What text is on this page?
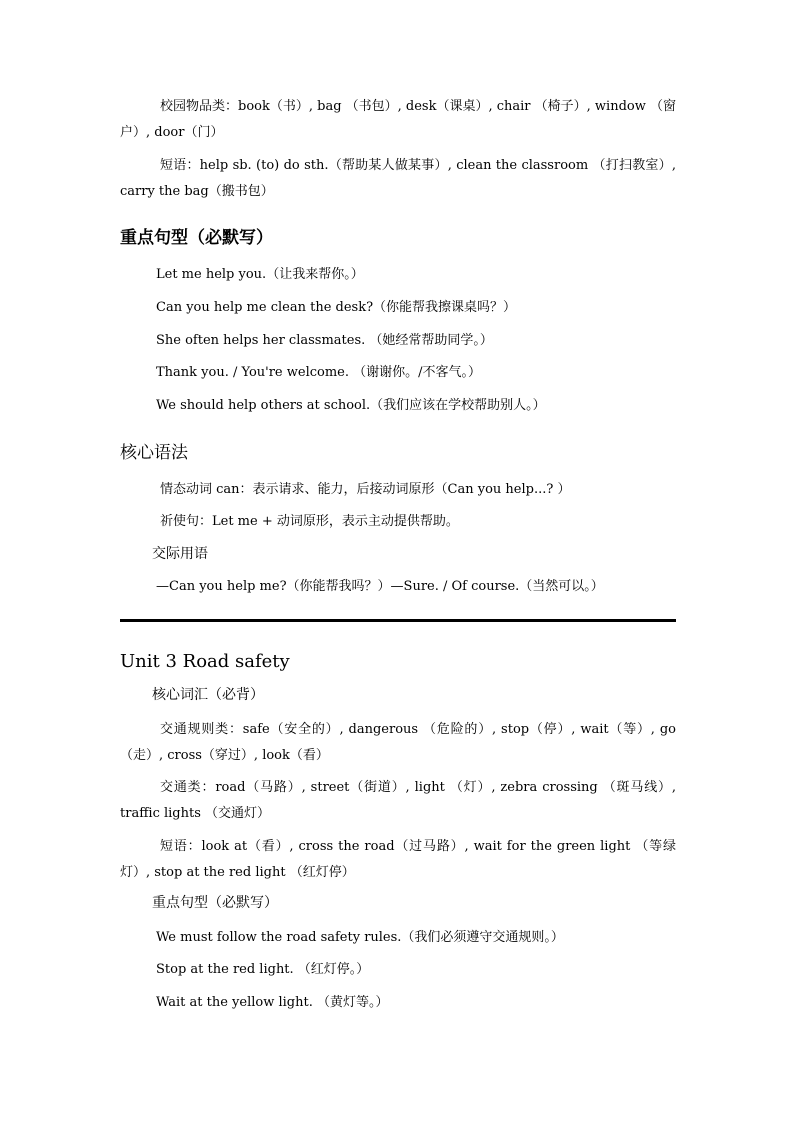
校园物品类：book（书）, bag （书包）, desk（课桌）, chair （椅子）, window （窗户）, door（门）
短语：help sb. (to) do sth.（帮助某人做某事）, clean the classroom （打扫教室）, carry the bag（搬书包）
重点句型（必默写）
Let me help you.（让我来帮你。）
Can you help me clean the desk?（你能帮我擦课桌吗？）
She often helps her classmates. （她经常帮助同学。）
Thank you. / You're welcome. （谢谢你。/不客气。）
We should help others at school.（我们应该在学校帮助别人。）
核心语法
情态动词 can：表示请求、能力，后接动词原形（Can you help...? ）
祈使句：Let me + 动词原形，表示主动提供帮助。
交际用语
—Can you help me?（你能帮我吗？）—Sure. / Of course.（当然可以。）
Unit 3 Road safety
核心词汇（必背）
交通规则类：safe（安全的）, dangerous （危险的）, stop（停）, wait（等）, go（走）, cross（穿过）, look（看）
交通类：road（马路）, street（街道）, light （灯）, zebra crossing （斑马线）, traffic lights （交通灯）
短语：look at（看）, cross the road（过马路）, wait for the green light （等绿灯）, stop at the red light （红灯停）
重点句型（必默写）
We must follow the road safety rules.（我们必须遵守交通规则。）
Stop at the red light. （红灯停。）
Wait at the yellow light. （黄灯等。）
